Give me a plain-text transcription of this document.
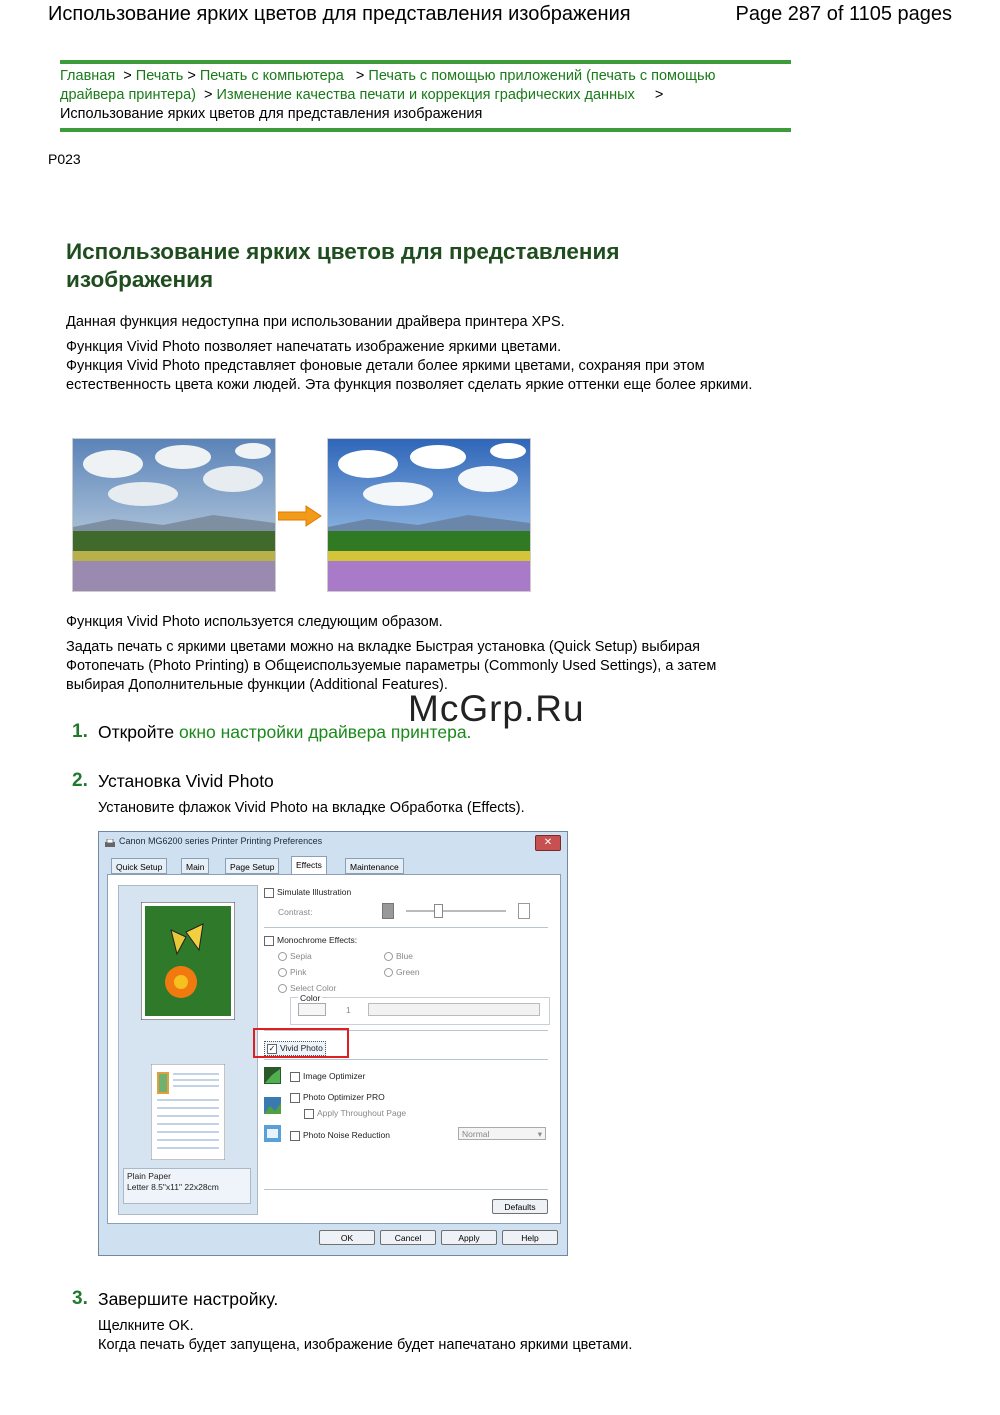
Использование ярких цветов для представления изображения	Page 287 of 1105 pages
Главная > Печать > Печать с компьютера > Печать с помощью приложений (печать с помощью драйвера принтера) > Изменение качества печати и коррекция графических данных >
Использование ярких цветов для представления изображения
P023
Использование ярких цветов для представления изображения
Данная функция недоступна при использовании драйвера принтера XPS.
Функция Vivid Photo позволяет напечатать изображение яркими цветами.
Функция Vivid Photo представляет фоновые детали более яркими цветами, сохраняя при этом естественность цвета кожи людей. Эта функция позволяет сделать яркие оттенки еще более яркими.
Функция Vivid Photo используется следующим образом.
Задать печать с яркими цветами можно на вкладке Быстрая установка (Quick Setup) выбирая Фотопечать (Photo Printing) в Общеиспользуемые параметры (Commonly Used Settings), а затем выбирая Дополнительные функции (Additional Features).
McGrp.Ru
1. Откройте окно настройки драйвера принтера.
2. Установка Vivid Photo
Установите флажок Vivid Photo на вкладке Обработка (Effects).
Canon MG6200 series Printer Printing Preferences	✕
Quick Setup	Main	Page Setup	Effects	Maintenance
Plain Paper
Letter 8.5"x11" 22x28cm
Simulate Illustration
Contrast:
Monochrome Effects:
Sepia	Blue
Pink	Green
Select Color
Color
1
✓ Vivid Photo
Image Optimizer
Photo Optimizer PRO
Apply Throughout Page
Photo Noise Reduction	Normal	▾
Defaults
OK	Cancel	Apply	Help
3. Завершите настройку.
Щелкните OK.
Когда печать будет запущена, изображение будет напечатано яркими цветами.
